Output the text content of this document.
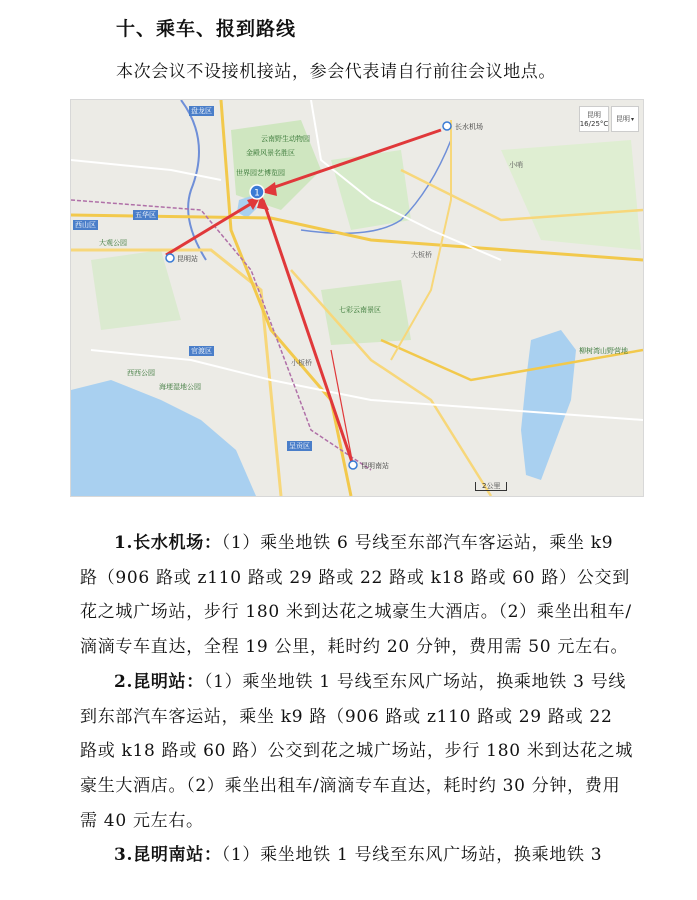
十、乘车、报到路线
本次会议不设接机接站，参会代表请自行前往会议地点。
1
云南野生动物园
金殿风景名胜区
世界园艺博览园
长水机场
西山区
五华区
盘龙区
官渡区
呈贡区
昆明站
昆明南站
七彩云南景区
柳树湾山野营地
大观公园
海埂湿地公园
西西公园
小哨
大板桥
小板桥
昆明
16/25°C
昆明 ▾
2公里

1.长水机场：（1）乘坐地铁 6 号线至东部汽车客运站，乘坐 k9 路（906 路或 z110 路或 29 路或 22 路或 k18 路或 60 路）公交到花之城广场站，步行 180 米到达花之城豪生大酒店。（2）乘坐出租车/滴滴专车直达，全程 19 公里，耗时约 20 分钟，费用需 50 元左右。

2.昆明站：（1）乘坐地铁 1 号线至东风广场站，换乘地铁 3 号线到东部汽车客运站，乘坐 k9 路（906 路或 z110 路或 29 路或 22 路或 k18 路或 60 路）公交到花之城广场站，步行 180 米到达花之城豪生大酒店。（2）乘坐出租车/滴滴专车直达，耗时约 30 分钟，费用需 40 元左右。

3.昆明南站：（1）乘坐地铁 1 号线至东风广场站，换乘地铁 3
